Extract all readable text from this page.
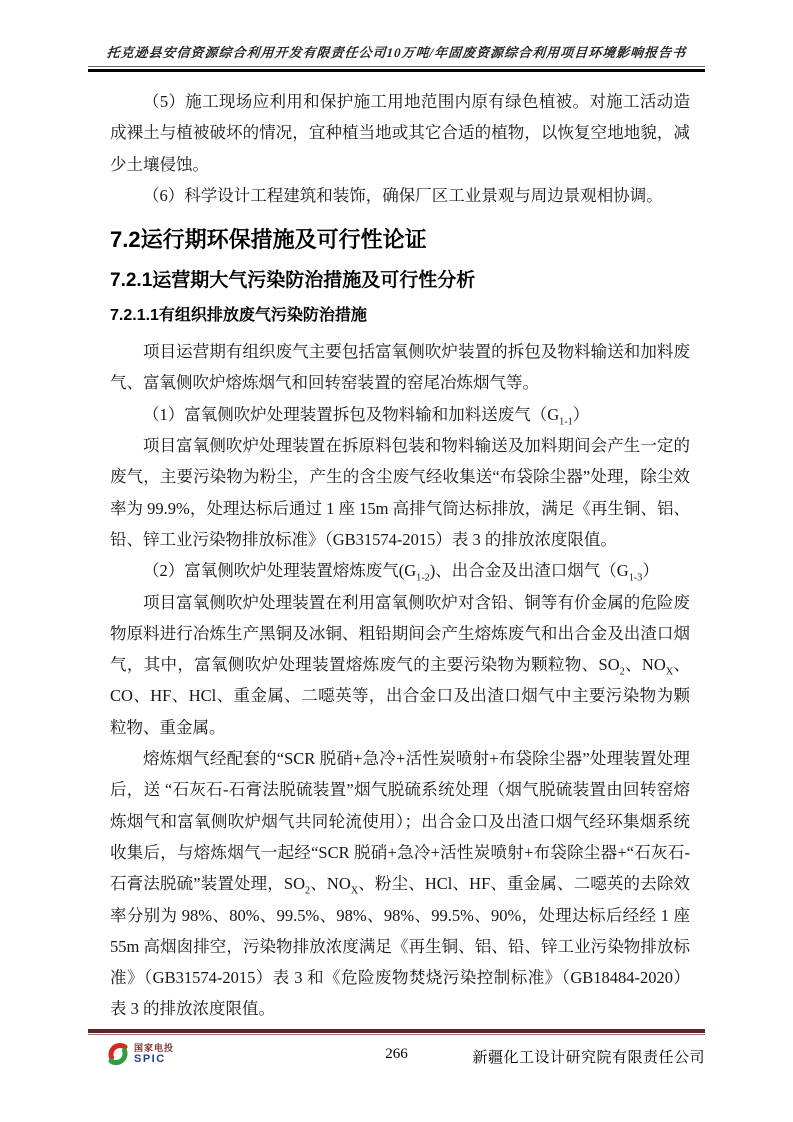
托克逊县安信资源综合利用开发有限责任公司10万吨/年固废资源综合利用项目环境影响报告书

（5）施工现场应利用和保护施工用地范围内原有绿色植被。对施工活动造成裸土与植被破坏的情况，宜种植当地或其它合适的植物，以恢复空地地貌，减少土壤侵蚀。

（6）科学设计工程建筑和装饰，确保厂区工业景观与周边景观相协调。

7.2运行期环保措施及可行性论证
7.2.1运营期大气污染防治措施及可行性分析
7.2.1.1有组织排放废气污染防治措施

项目运营期有组织废气主要包括富氧侧吹炉装置的拆包及物料输送和加料废气、富氧侧吹炉熔炼烟气和回转窑装置的窑尾冶炼烟气等。

（1）富氧侧吹炉处理装置拆包及物料输和加料送废气$(G_{1-1})$

项目富氧侧吹炉处理装置在拆原料包装和物料输送及加料期间会产生一定的废气，主要污染物为粉尘，产生的含尘废气经收集送“布袋除尘器”处理，除尘效率为 99.9%，处理达标后通过 1 座 15m 高排气筒达标排放，满足《再生铜、铝、铅、锌工业污染物排放标准》（GB31574-2015）表 3 的排放浓度限值。

（2）富氧侧吹炉处理装置熔炼废气$(G_{1-2})$、出合金及出渣口烟气$(G_{1-3})$

项目富氧侧吹炉处理装置在利用富氧侧吹炉对含铅、铜等有价金属的危险废物原料进行冶炼生产黑铜及冰铜、粗铅期间会产生熔炼废气和出合金及出渣口烟气，其中，富氧侧吹炉处理装置熔炼废气的主要污染物为颗粒物、$SO_2$、$NO_X$、CO、HF、HCl、重金属、二噁英等，出合金口及出渣口烟气中主要污染物为颗粒物、重金属。

熔炼烟气经配套的“SCR 脱硝+急冷+活性炭喷射+布袋除尘器”处理装置处理后，送 “石灰石-石膏法脱硫装置”烟气脱硫系统处理（烟气脱硫装置由回转窑熔炼烟气和富氧侧吹炉烟气共同轮流使用）；出合金口及出渣口烟气经环集烟系统收集后，与熔炼烟气一起经“SCR 脱硝+急冷+活性炭喷射+布袋除尘器+“石灰石-石膏法脱硫”装置处理，$SO_2$、$NO_X$、粉尘、HCl、HF、重金属、二噁英的去除效率分别为 98%、80%、99.5%、98%、98%、99.5%、90%，处理达标后经经 1 座 55m 高烟囱排空，污染物排放浓度满足《再生铜、铝、铅、锌工业污染物排放标准》（GB31574-2015）表 3 和《危险废物焚烧污染控制标准》（GB18484-2020）表 3 的排放浓度限值。

国家电投
SPIC	266	新疆化工设计研究院有限责任公司
